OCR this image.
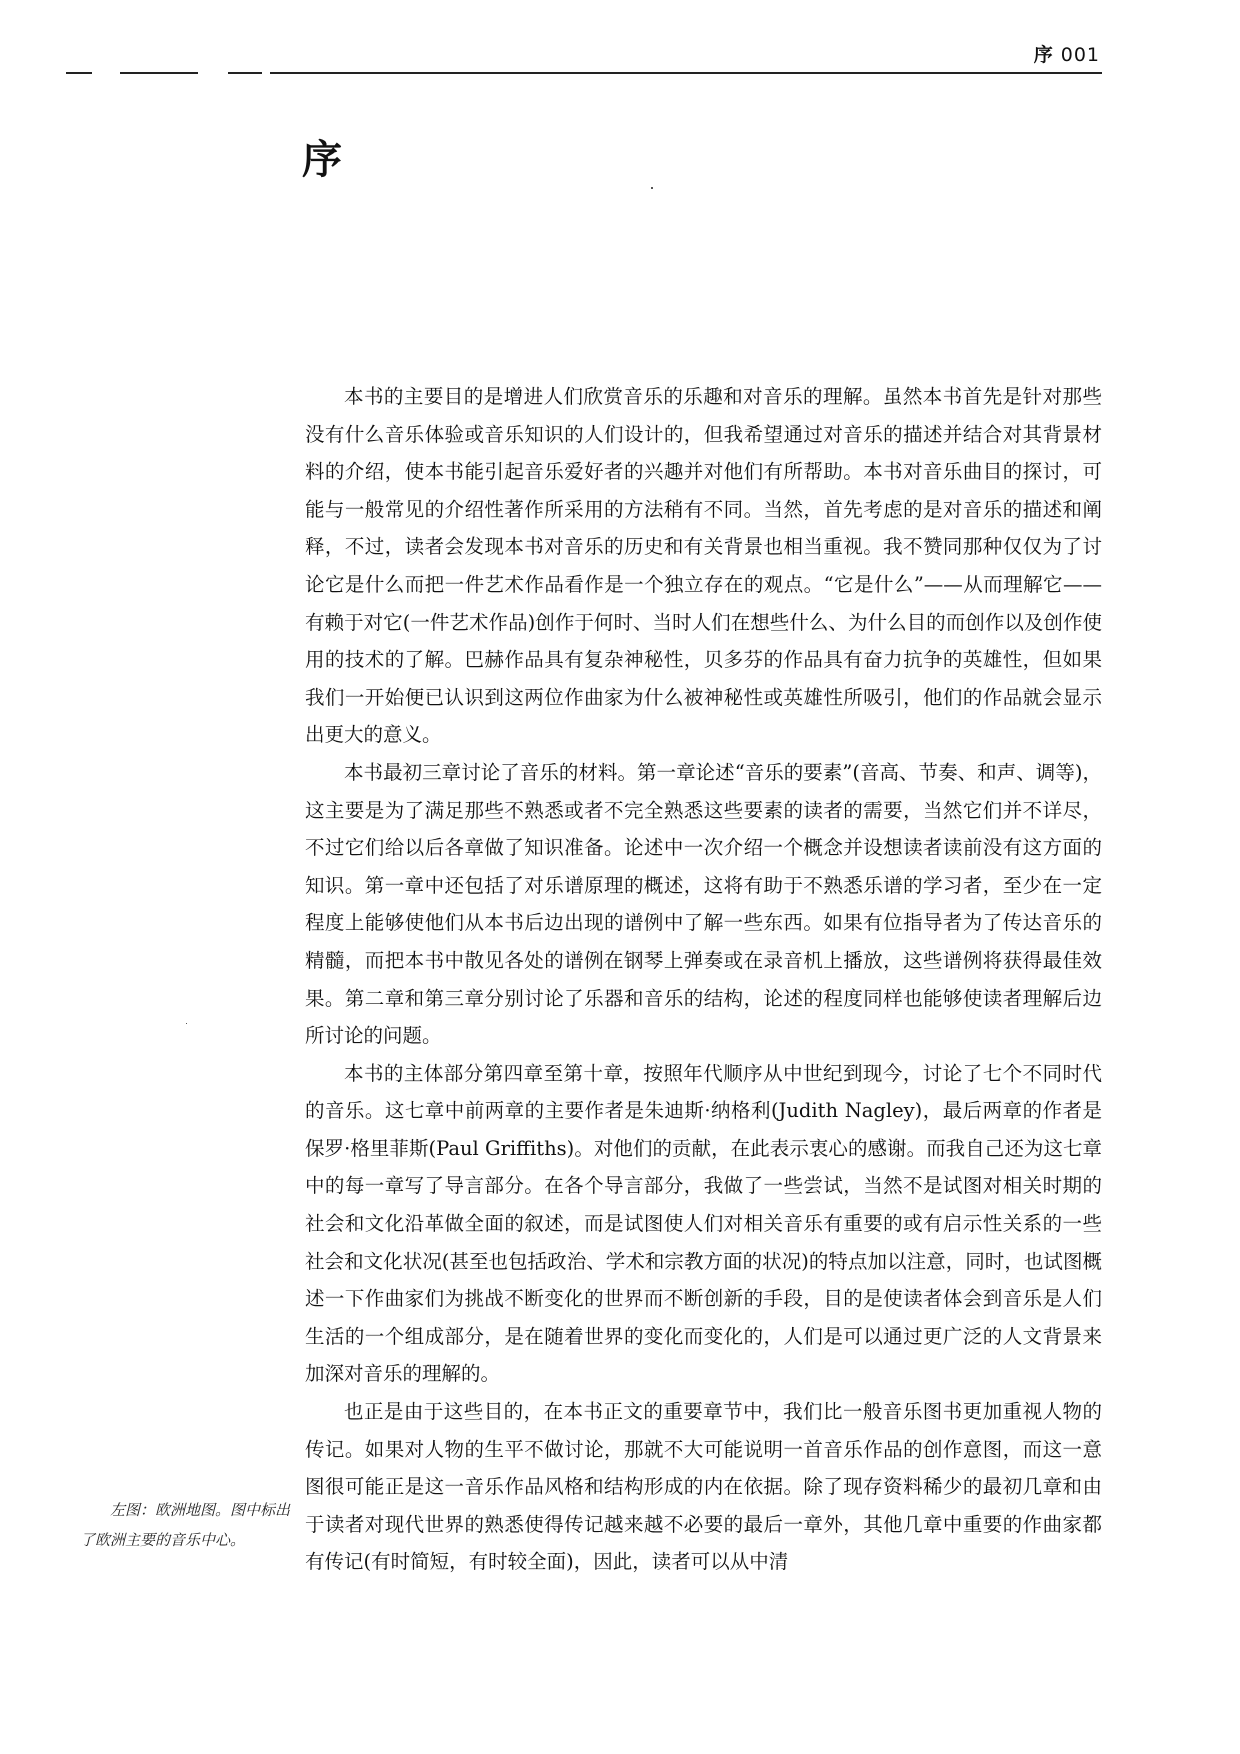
序 001
序

本书的主要目的是增进人们欣赏音乐的乐趣和对音乐的理解。虽然本书首先是针对那些没有什么音乐体验或音乐知识的人们设计的，但我希望通过对音乐的描述并结合对其背景材料的介绍，使本书能引起音乐爱好者的兴趣并对他们有所帮助。本书对音乐曲目的探讨，可能与一般常见的介绍性著作所采用的方法稍有不同。当然，首先考虑的是对音乐的描述和阐释，不过，读者会发现本书对音乐的历史和有关背景也相当重视。我不赞同那种仅仅为了讨论它是什么而把一件艺术作品看作是一个独立存在的观点。“它是什么”——从而理解它——有赖于对它(一件艺术作品)创作于何时、当时人们在想些什么、为什么目的而创作以及创作使用的技术的了解。巴赫作品具有复杂神秘性，贝多芬的作品具有奋力抗争的英雄性，但如果我们一开始便已认识到这两位作曲家为什么被神秘性或英雄性所吸引，他们的作品就会显示出更大的意义。

本书最初三章讨论了音乐的材料。第一章论述“音乐的要素”(音高、节奏、和声、调等)，这主要是为了满足那些不熟悉或者不完全熟悉这些要素的读者的需要，当然它们并不详尽，不过它们给以后各章做了知识准备。论述中一次介绍一个概念并设想读者读前没有这方面的知识。第一章中还包括了对乐谱原理的概述，这将有助于不熟悉乐谱的学习者，至少在一定程度上能够使他们从本书后边出现的谱例中了解一些东西。如果有位指导者为了传达音乐的精髓，而把本书中散见各处的谱例在钢琴上弹奏或在录音机上播放，这些谱例将获得最佳效果。第二章和第三章分别讨论了乐器和音乐的结构，论述的程度同样也能够使读者理解后边所讨论的问题。

本书的主体部分第四章至第十章，按照年代顺序从中世纪到现今，讨论了七个不同时代的音乐。这七章中前两章的主要作者是朱迪斯·纳格利(Judith Nagley)，最后两章的作者是保罗·格里菲斯(Paul Griffiths)。对他们的贡献，在此表示衷心的感谢。而我自己还为这七章中的每一章写了导言部分。在各个导言部分，我做了一些尝试，当然不是试图对相关时期的社会和文化沿革做全面的叙述，而是试图使人们对相关音乐有重要的或有启示性关系的一些社会和文化状况(甚至也包括政治、学术和宗教方面的状况)的特点加以注意，同时，也试图概述一下作曲家们为挑战不断变化的世界而不断创新的手段，目的是使读者体会到音乐是人们生活的一个组成部分，是在随着世界的变化而变化的，人们是可以通过更广泛的人文背景来加深对音乐的理解的。

也正是由于这些目的，在本书正文的重要章节中，我们比一般音乐图书更加重视人物的传记。如果对人物的生平不做讨论，那就不大可能说明一首音乐作品的创作意图，而这一意图很可能正是这一音乐作品风格和结构形成的内在依据。除了现存资料稀少的最初几章和由于读者对现代世界的熟悉使得传记越来越不必要的最后一章外，其他几章中重要的作曲家都有传记(有时简短，有时较全面)，因此，读者可以从中清

左图：欧洲地图。图中标出了欧洲主要的音乐中心。
